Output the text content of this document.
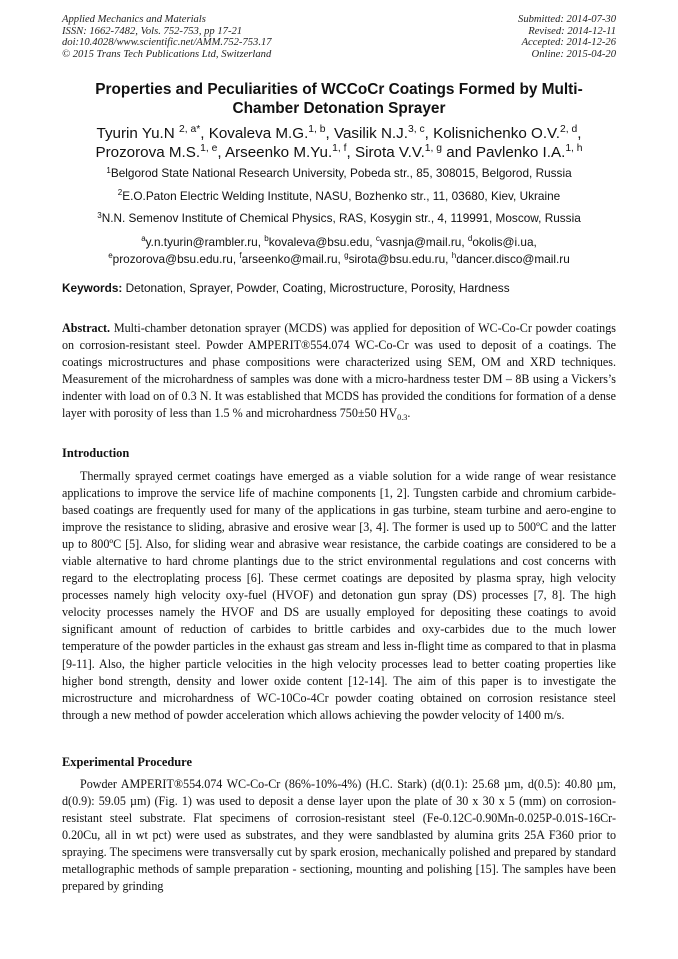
Applied Mechanics and Materials
ISSN: 1662-7482, Vols. 752-753, pp 17-21
doi:10.4028/www.scientific.net/AMM.752-753.17
© 2015 Trans Tech Publications Ltd, Switzerland
Submitted: 2014-07-30
Revised: 2014-12-11
Accepted: 2014-12-26
Online: 2015-04-20
Properties and Peculiarities of WCCoCr Coatings Formed by Multi-
Chamber Detonation Sprayer
Tyurin Yu.N $^{2, a*}$, Kovaleva M.G.$^{1, b}$, Vasilik N.J.$^{3, c}$, Kolisnichenko O.V.$^{2, d}$,
Prozorova M.S.$^{1, e}$, Arseenko M.Yu.$^{1, f}$, Sirota V.V.$^{1, g}$ and Pavlenko I.A.$^{1, h}$
$^1$Belgorod State National Research University, Pobeda str., 85, 308015, Belgorod, Russia
$^2$E.O.Paton Electric Welding Institute, NASU, Bozhenko str., 11, 03680, Kiev, Ukraine
$^3$N.N. Semenov Institute of Chemical Physics, RAS, Kosygin str., 4, 119991, Moscow, Russia
$^a$y.n.tyurin@rambler.ru, $^b$kovaleva@bsu.edu, $^c$vasnja@mail.ru, $^d$okolis@i.ua,
$^e$prozorova@bsu.edu.ru, $^f$arseenko@mail.ru, $^g$sirota@bsu.edu.ru, $^h$dancer.disco@mail.ru
Keywords: Detonation, Sprayer, Powder, Coating, Microstructure, Porosity, Hardness
Abstract. Multi-chamber detonation sprayer (MCDS) was applied for deposition of WC-Co-Cr powder coatings on corrosion-resistant steel. Powder AMPERIT®554.074 WC-Co-Cr was used to deposit of a coatings. The coatings microstructures and phase compositions were characterized using SEM, OM and XRD techniques. Measurement of the microhardness of samples was done with a micro-hardness tester DM – 8B using a Vickers’s indenter with load on of 0.3 N. It was established that MCDS has provided the conditions for formation of a dense layer with porosity of less than 1.5 % and microhardness 750±50 $HV_{0.3}$.
Introduction
Thermally sprayed cermet coatings have emerged as a viable solution for a wide range of wear resistance applications to improve the service life of machine components [1, 2]. Tungsten carbide and chromium carbide-based coatings are frequently used for many of the applications in gas turbine, steam turbine and aero-engine to improve the resistance to sliding, abrasive and erosive wear [3, 4]. The former is used up to 500ºC and the latter up to 800ºC [5]. Also, for sliding wear and abrasive wear resistance, the carbide coatings are considered to be a viable alternative to hard chrome plantings due to the strict environmental regulations and cost concerns with regard to the electroplating process [6]. These cermet coatings are deposited by plasma spray, high velocity processes namely high velocity oxy-fuel (HVOF) and detonation gun spray (DS) processes [7, 8]. The high velocity processes namely the HVOF and DS are usually employed for depositing these coatings to avoid significant amount of reduction of carbides to brittle carbides and oxy-carbides due to the much lower temperature of the powder particles in the exhaust gas stream and less in-flight time as compared to that in plasma [9-11]. Also, the higher particle velocities in the high velocity processes lead to better coating properties like higher bond strength, density and lower oxide content [12-14]. The aim of this paper is to investigate the microstructure and microhardness of WC-10Co-4Cr powder coating obtained on corrosion resistance steel through a new method of powder acceleration which allows achieving the powder velocity of 1400 m/s.
Experimental Procedure
Powder AMPERIT®554.074 WC-Co-Cr (86%-10%-4%) (H.C. Stark) (d(0.1): 25.68 µm, d(0.5): 40.80 µm, d(0.9): 59.05 µm) (Fig. 1) was used to deposit a dense layer upon the plate of 30 x 30 x 5 (mm) on corrosion-resistant steel substrate. Flat specimens of corrosion-resistant steel (Fe-0.12C-0.90Mn-0.025P-0.01S-16Cr-0.20Cu, all in wt pct) were used as substrates, and they were sandblasted by alumina grits 25A F360 prior to spraying. The specimens were transversally cut by spark erosion, mechanically polished and prepared by standard metallographic methods of sample preparation - sectioning, mounting and polishing [15]. The samples have been prepared by grinding
